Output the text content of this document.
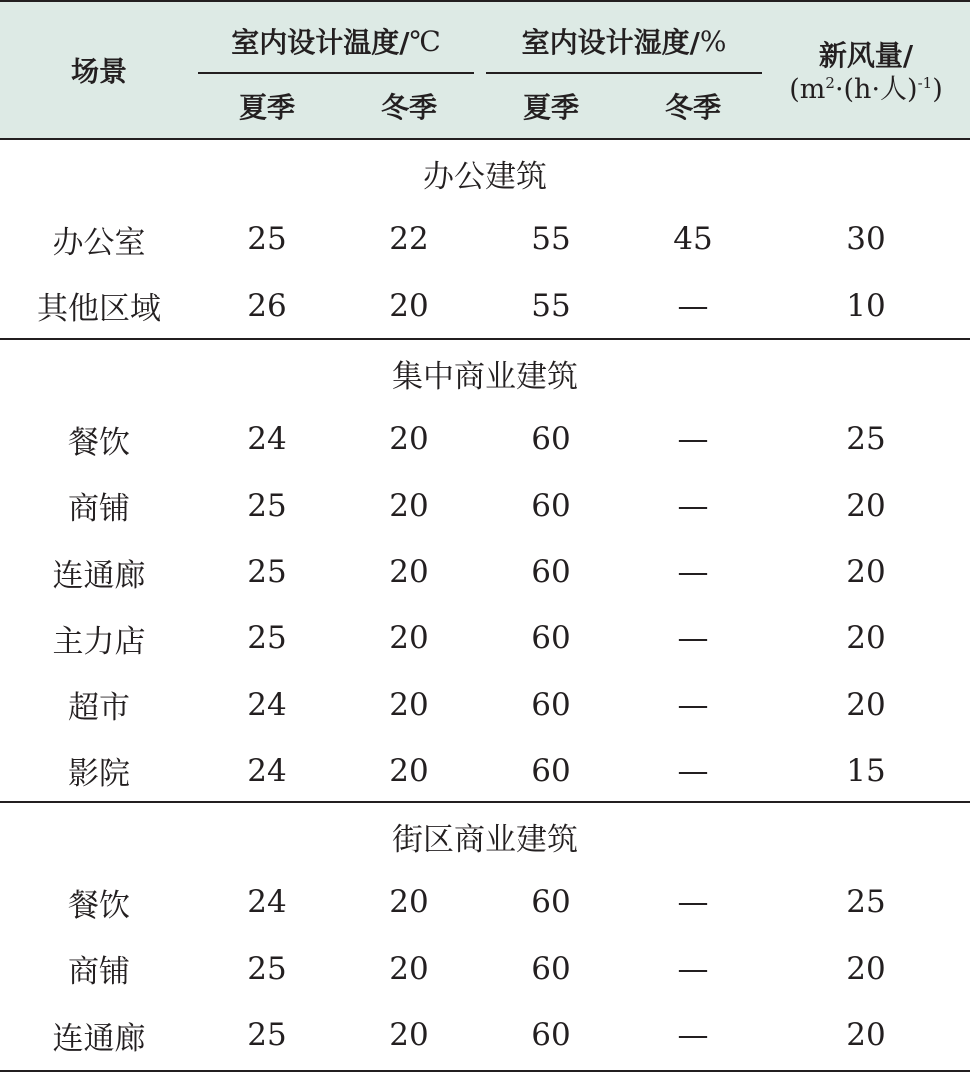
场景
室内设计温度/ ℃	室内设计湿度/ %
夏季	冬季	夏季	冬季
新风量/
($m^2\cdot(h\cdot$人)$^{-1}$)
办公建筑
办公室	25	22	55	45	30
其他区域	26	20	55	—	10
集中商业建筑
餐饮	24	20	60	—	25
商铺	25	20	60	—	20
连通廊	25	20	60	—	20
主力店	25	20	60	—	20
超市	24	20	60	—	20
影院	24	20	60	—	15
街区商业建筑
餐饮	24	20	60	—	25
商铺	25	20	60	—	20
连通廊	25	20	60	—	20
